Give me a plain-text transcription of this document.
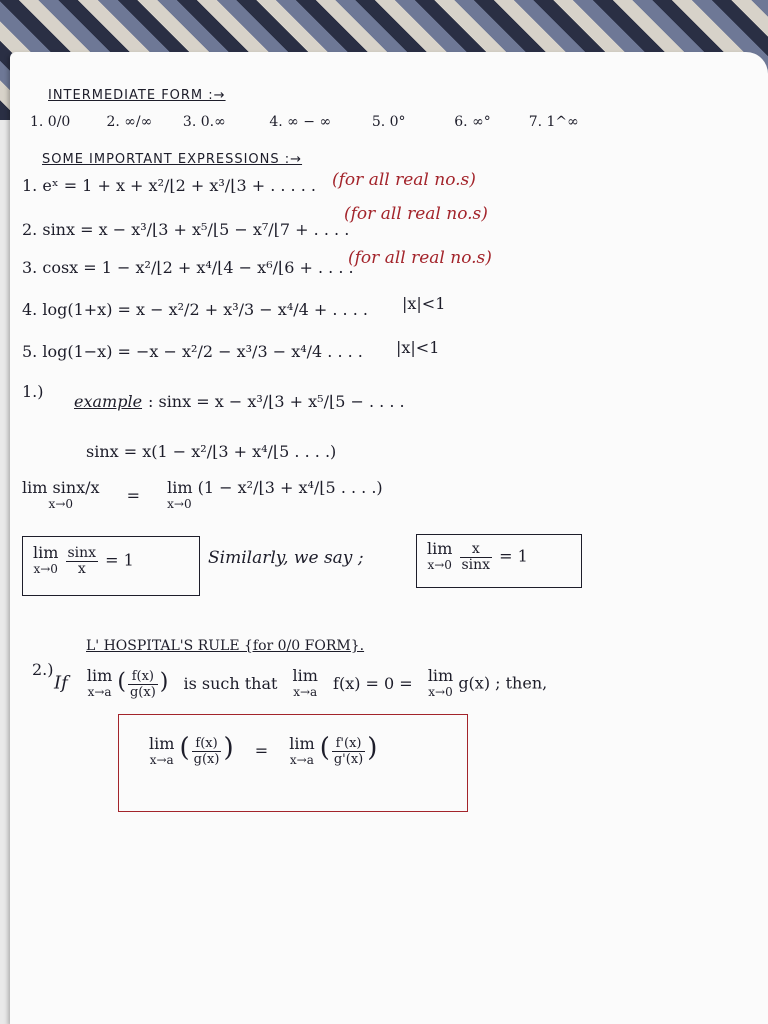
INTERMEDIATE FORM :→
1. 0/0	2. ∞/∞ 3. 0.∞	4. ∞ − ∞	5. 0°	6. ∞°	7. 1^∞
SOME IMPORTANT EXPRESSIONS :→
1. eˣ = 1 + x + x²/⌊2 + x³/⌊3 + . . . . . (for all real no.s)
2. sinx = x − x³/⌊3 + x⁵/⌊5 − x⁷/⌊7 + . . . .
(for all real no.s)
3. cosx = 1 − x²/⌊2 + x⁴/⌊4 − x⁶/⌊6 + . . . .
(for all real no.s)
4. log(1+x) = x − x²/2 + x³/3 − x⁴/4 + . . . . |x|<1
5. log(1−x) = −x − x²/2 − x³/3 − x⁴/4 . . . . |x|<1
1.)
example : sinx = x − x³/⌊3 + x⁵/⌊5 − . . . .
sinx = x(1 − x²/⌊3 + x⁴/⌊5 . . . .)
lim sinx/x
x→0	= lim (1 − x²/⌊3 + x⁴/⌊5 . . . .)
x→0
lim
x→0
$\frac{\sin x}{x} = 1$	Similarly, we say ;	lim
x→0
$\frac{x}{\sin x} = 1$
2.)
L' HOSPITAL'S RULE {for 0/0 FORM}.
If lim
x→a ( $\frac{f(x)}{g(x)}$ ) is such that lim
x→a f(x) = 0 = lim
x→0 g(x) ; then,
lim
x→a ( $\frac{f(x)}{g(x)}$ ) = lim
x→a ( $\frac{f'(x)}{g'(x)}$ )
